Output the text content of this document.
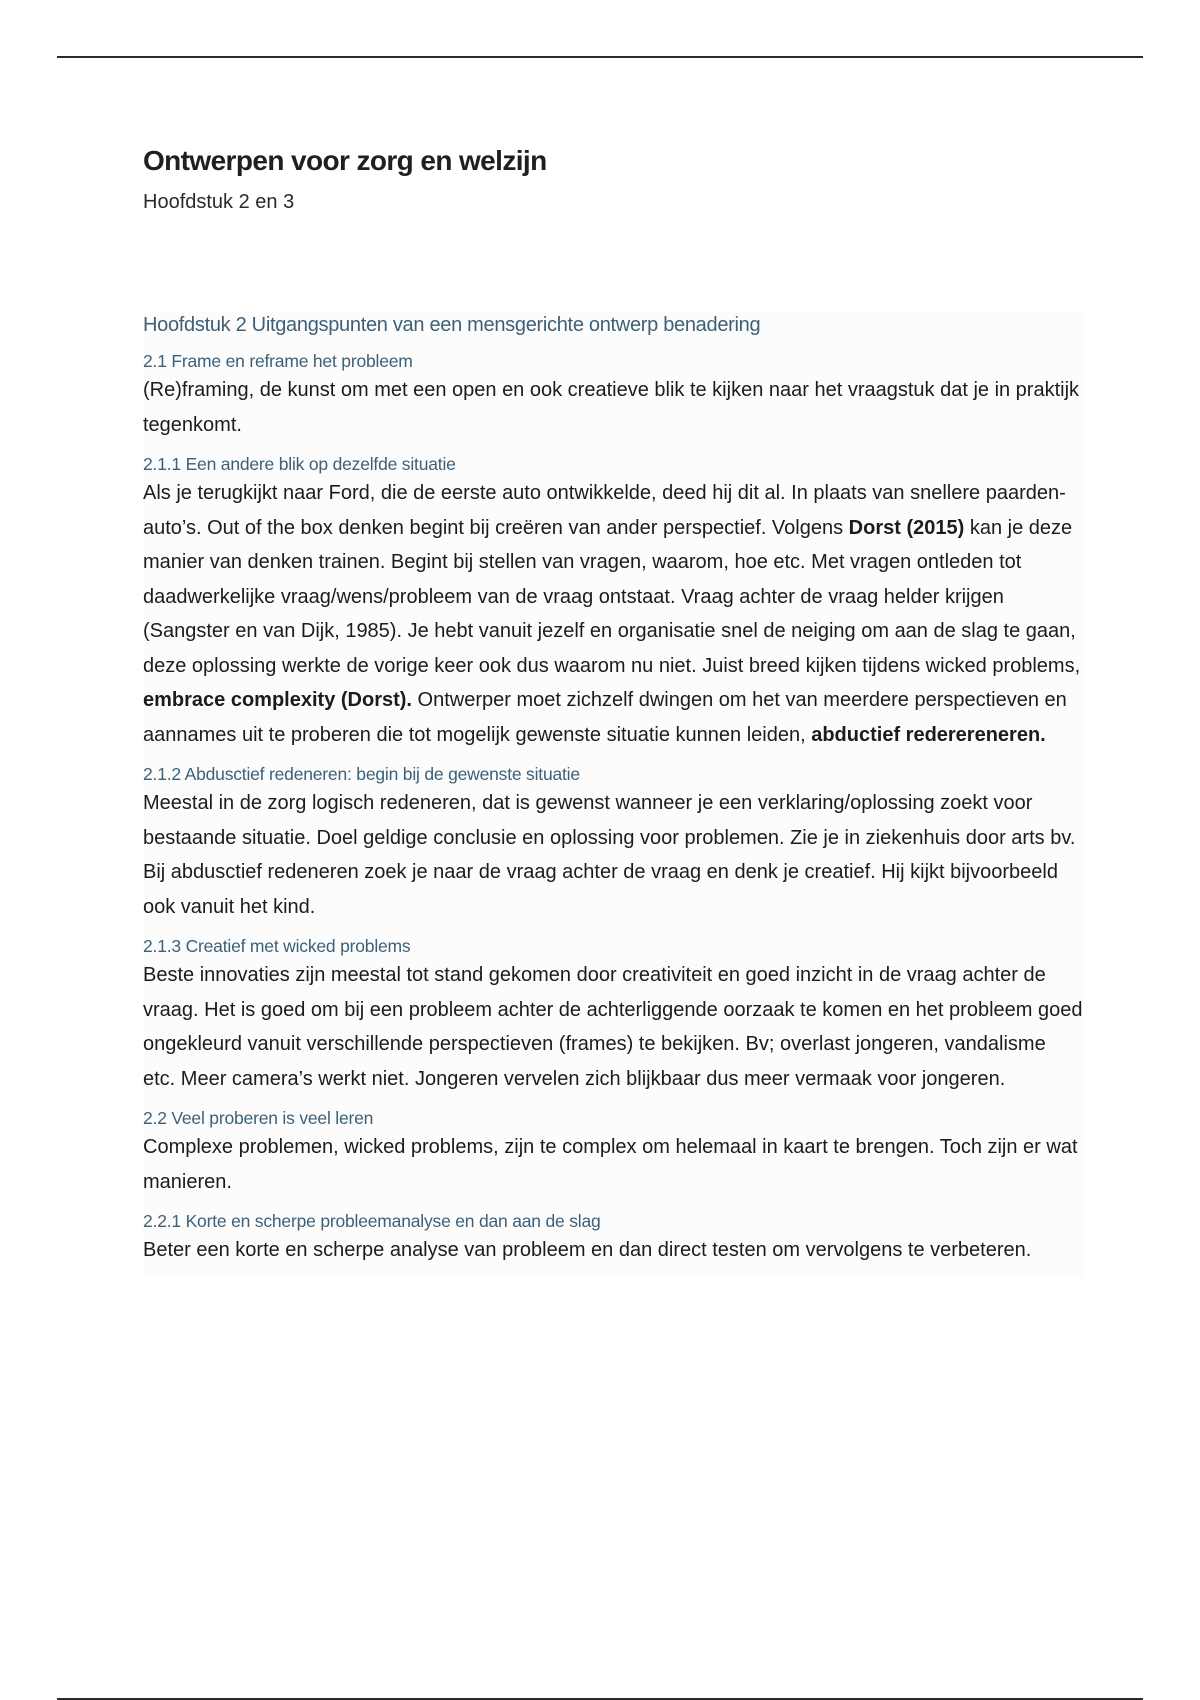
Ontwerpen voor zorg en welzijn

Hoofdstuk 2 en 3

Hoofdstuk 2 Uitgangspunten van een mensgerichte ontwerp benadering
2.1 Frame en reframe het probleem

(Re)framing, de kunst om met een open en ook creatieve blik te kijken naar het vraagstuk dat je in praktijk tegenkomt.

2.1.1 Een andere blik op dezelfde situatie

Als je terugkijkt naar Ford, die de eerste auto ontwikkelde, deed hij dit al. In plaats van snellere paarden- auto’s. Out of the box denken begint bij creëren van ander perspectief. Volgens Dorst (2015) kan je deze manier van denken trainen. Begint bij stellen van vragen, waarom, hoe etc. Met vragen ontleden tot daadwerkelijke vraag/wens/probleem van de vraag ontstaat. Vraag achter de vraag helder krijgen (Sangster en van Dijk, 1985). Je hebt vanuit jezelf en organisatie snel de neiging om aan de slag te gaan, deze oplossing werkte de vorige keer ook dus waarom nu niet. Juist breed kijken tijdens wicked problems, embrace complexity (Dorst). Ontwerper moet zichzelf dwingen om het van meerdere perspectieven en aannames uit te proberen die tot mogelijk gewenste situatie kunnen leiden, abductief rederereneren.

2.1.2 Abdusctief redeneren: begin bij de gewenste situatie

Meestal in de zorg logisch redeneren, dat is gewenst wanneer je een verklaring/oplossing zoekt voor bestaande situatie. Doel geldige conclusie en oplossing voor problemen. Zie je in ziekenhuis door arts bv. Bij abdusctief redeneren zoek je naar de vraag achter de vraag en denk je creatief. Hij kijkt bijvoorbeeld ook vanuit het kind.

2.1.3 Creatief met wicked problems

Beste innovaties zijn meestal tot stand gekomen door creativiteit en goed inzicht in de vraag achter de vraag. Het is goed om bij een probleem achter de achterliggende oorzaak te komen en het probleem goed ongekleurd vanuit verschillende perspectieven (frames) te bekijken. Bv; overlast jongeren, vandalisme etc. Meer camera’s werkt niet. Jongeren vervelen zich blijkbaar dus meer vermaak voor jongeren.

2.2 Veel proberen is veel leren

Complexe problemen, wicked problems, zijn te complex om helemaal in kaart te brengen. Toch zijn er wat manieren.

2.2.1 Korte en scherpe probleemanalyse en dan aan de slag

Beter een korte en scherpe analyse van probleem en dan direct testen om vervolgens te verbeteren.
